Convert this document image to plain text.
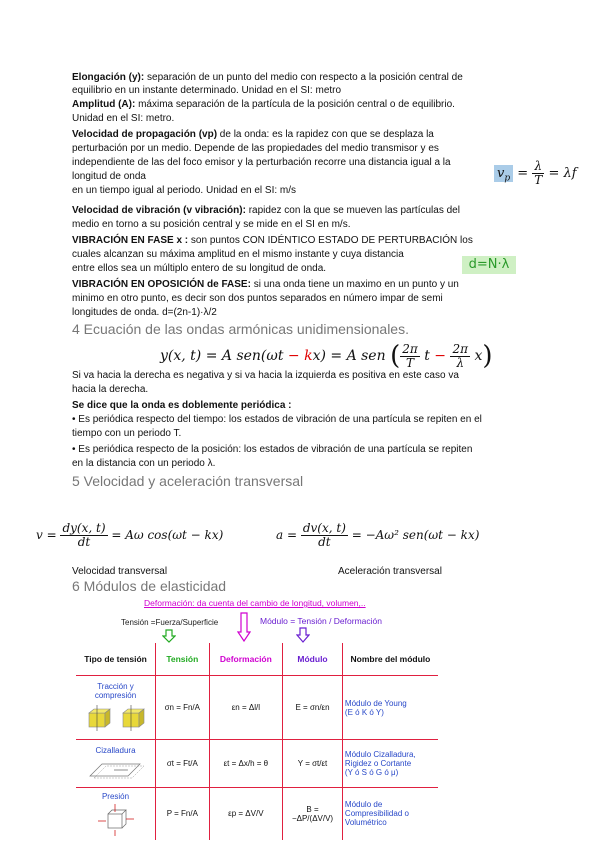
Elongación (y): separación de un punto del medio con respecto a la posición central de
equilibrio en un instante determinado. Unidad en el SI: metro
Amplitud (A): máxima separación de la partícula de la posición central o de equilibrio.
Unidad en el SI: metro.
Velocidad de propagación (vp) de la onda: es la rapidez con que se desplaza la
perturbación por un medio. Depende de las propiedades del medio transmisor y es
independiente de las del foco emisor y la perturbación recorre una distancia igual a la
longitud de onda
en un tiempo igual al periodo. Unidad en el SI: m/s
$v_p = \frac{\lambda}{T} = \lambda f$
Velocidad de vibración (v vibración): rapidez con la que se mueven las partículas del
medio en torno a su posición central y se mide en el SI en m/s.
VIBRACIÓN EN FASE x : son puntos CON IDÉNTICO ESTADO DE PERTURBACIÓN los
cuales alcanzan su máxima amplitud en el mismo instante y cuya distancia
entre ellos sea un múltiplo entero de su longitud de onda.	d=N·λ
VIBRACIÓN EN OPOSICIÓN de FASE: si una onda tiene un maximo en un punto y un
minimo en otro punto, es decir son dos puntos separados en número impar de semi
longitudes de onda. d=(2n-1)·λ/2
4 Ecuación de las ondas armónicas unidimensionales.
y(x, t) = A sen(ωt − kx) = A sen ( $\frac{2\pi}{T}$ $t - \frac{2\pi}{\lambda} x$)
Si va hacia la derecha es negativa y si va hacia la izquierda es positiva en este caso va
hacia la derecha.
Se dice que la onda es doblemente periódica :
• Es periódica respecto del tiempo: los estados de vibración de una partícula se repiten en el
tiempo con un periodo T.
• Es periódica respecto de la posición: los estados de vibración de una partícula se repiten
en la distancia con un periodo λ.
5 Velocidad y aceleración transversal
$v = \frac{dy(x, t)}{dt} = A\omega$ cos(ωt − kx)	$a = \frac{dv(x, t)}{dt} = -A\omega^2$ sen(ωt − kx)
Velocidad transversal	Aceleración transversal
6 Módulos de elasticidad
Deformación: da cuenta del cambio de longitud, volumen,..
Tensión =Fuerza/Superficie	Módulo = Tensión / Deformación
Tipo de tensión	Tensión	Deformación	Módulo	Nombre del módulo
Tracción y compresión	σn = Fn/A	εn = Δl/l	E = σn/εn	Módulo de Young
(E ó K ó Y)

Cizalladura	σt = Ft/A	εt = Δx/h = θ	Y = σt/εt	Módulo Cizalladura, Rigidez o Cortante
(Y ó S ó G ó μ)

Presión	P = Fn/A	εp = ΔV/V	B = −ΔP/(ΔV/V)	Módulo de Compresibilidad o Volumétrico
